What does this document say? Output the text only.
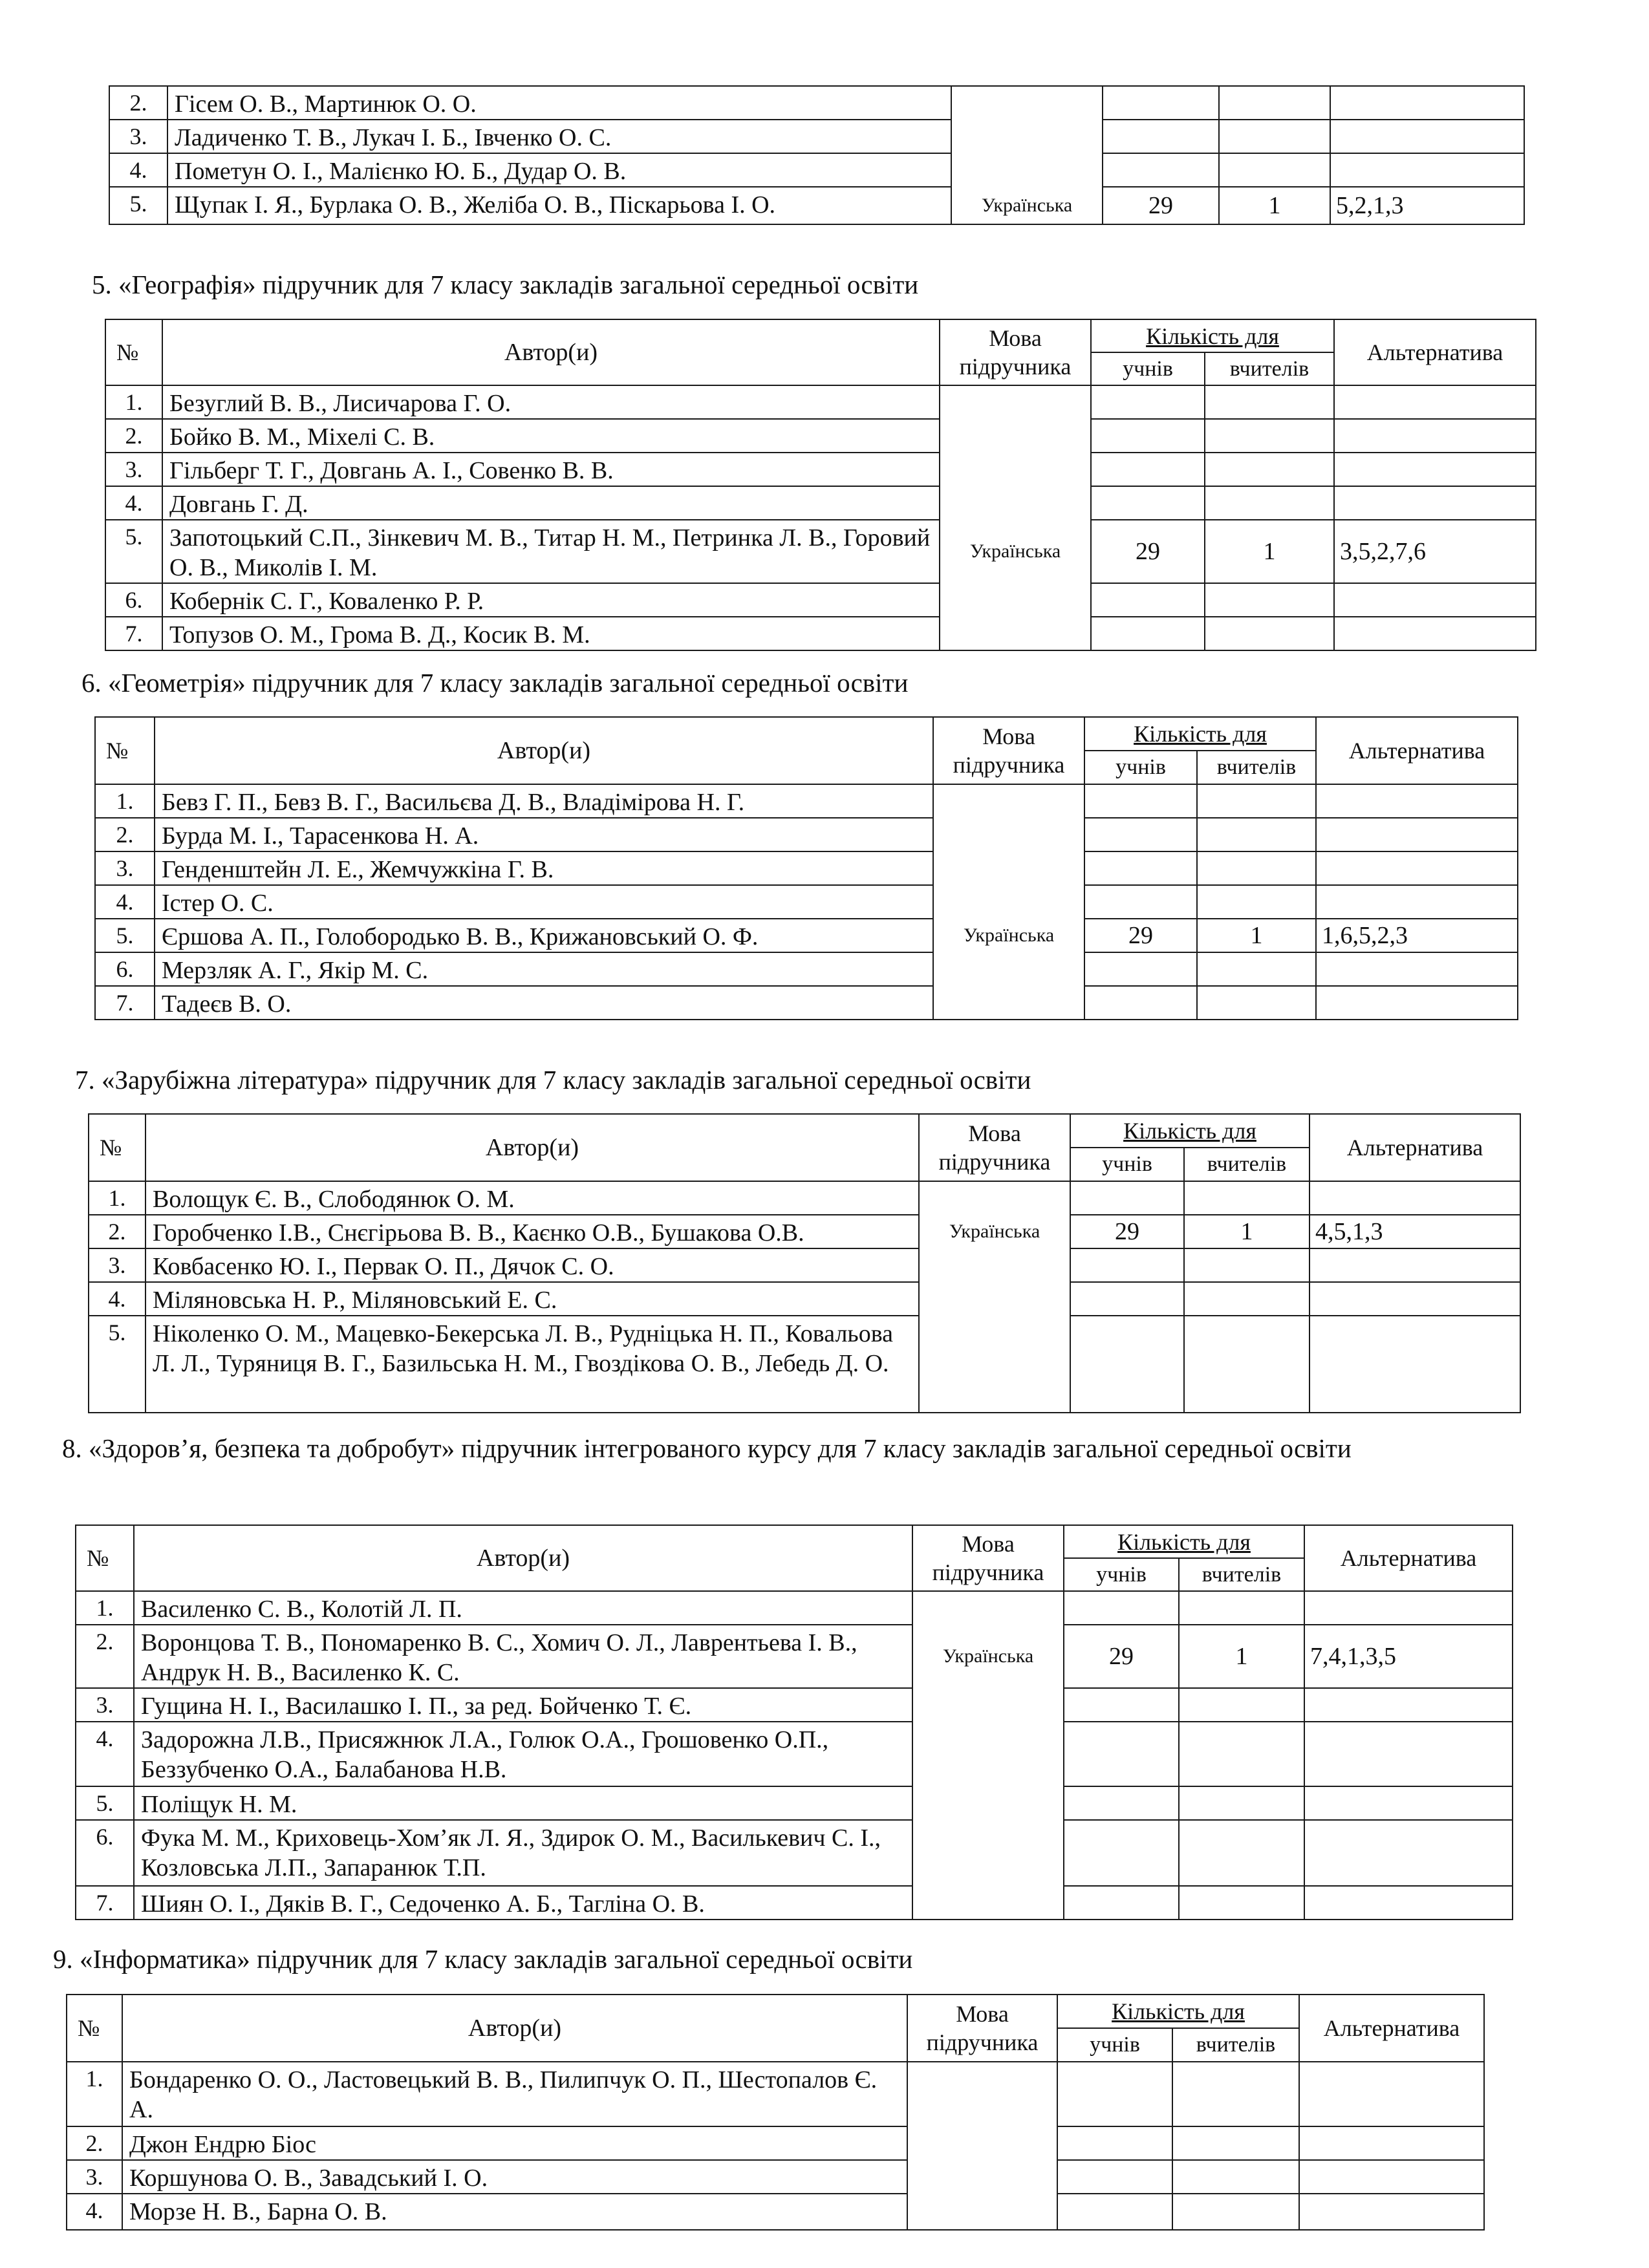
2.	Гісем О. В., Мартинюк О. О.				
3.	Ладиченко Т. В., Лукач І. Б., Івченко О. С.				
4.	Пометун О. І., Малієнко Ю. Б., Дудар О. В.				
5.	Щупак І. Я., Бурлака О. В., Желіба О. В., Піскарьова І. О.	Українська	29	1	5,2,1,3
5. «Географія» підручник для 7 класу закладів загальної середньої освіти
№	Автор(и)	Мова підручника	Кількість для		Альтернатива
			учнів	вчителів	
1.	Безуглий В. В., Лисичарова Г. О.				
2.	Бойко В. М., Міхелі С. В.				
3.	Гільберг Т. Г., Довгань А. І., Совенко В. В.				
4.	Довгань Г. Д.				
5.	Запотоцький С.П., Зінкевич М. В., Титар Н. М., Петринка Л. В., Горовий О. В., Миколів І. М.	Українська	29	1	3,5,2,7,6
6.	Кобернік С. Г., Коваленко Р. Р.				
7.	Топузов О. М., Грома В. Д., Косик В. М.				
6. «Геометрія» підручник для 7 класу закладів загальної середньої освіти
№	Автор(и)	Мова підручника	Кількість для		Альтернатива
			учнів	вчителів	
1.	Бевз Г. П., Бевз В. Г., Васильєва Д. В., Владімірова Н. Г.				
2.	Бурда М. І., Тарасенкова Н. А.				
3.	Генденштейн Л. Е., Жемчужкіна Г. В.				
4.	Істер О. С.				
5.	Єршова А. П., Голобородько В. В., Крижановський О. Ф.	Українська	29	1	1,6,5,2,3
6.	Мерзляк А. Г., Якір М. С.				
7.	Тадеєв В. О.				
7. «Зарубіжна література» підручник для 7 класу закладів загальної середньої освіти
№	Автор(и)	Мова підручника	Кількість для		Альтернатива
			учнів	вчителів	
1.	Волощук Є. В., Слободянюк О. М.				
2.	Горобченко І.В., Снєгірьова В. В., Каєнко О.В., Бушакова О.В.	Українська	29	1	4,5,1,3
3.	Ковбасенко Ю. І., Первак О. П., Дячок С. О.				
4.	Міляновська Н. Р., Міляновський Е. С.				
5.	Ніколенко О. М., Мацевко-Бекерська Л. В., Рудніцька Н. П., Ковальова Л. Л., Туряниця В. Г., Базильська Н. М., Гвоздікова О. В., Лебедь Д. О.				
8. «Здоров’я, безпека та добробут» підручник інтегрованого курсу для 7 класу закладів загальної середньої освіти
№	Автор(и)	Мова підручника	Кількість для		Альтернатива
			учнів	вчителів	
1.	Василенко С. В., Колотій Л. П.				
2.	Воронцова Т. В., Пономаренко В. С., Хомич О. Л., Лаврентьева І. В., Андрук Н. В., Василенко К. С.	Українська	29	1	7,4,1,3,5
3.	Гущина Н. І., Василашко І. П., за ред. Бойченко Т. Є.				
4.	Задорожна Л.В., Присяжнюк Л.А., Голюк О.А., Грошовенко О.П., Беззубченко О.А., Балабанова Н.В.				
5.	Поліщук Н. М.				
6.	Фука М. М., Криховець-Хом’як Л. Я., Здирок О. М., Василькевич С. І., Козловська Л.П., Запаранюк Т.П.				
7.	Шиян О. І., Дяків В. Г., Седоченко А. Б., Тагліна О. В.				
9. «Інформатика» підручник для 7 класу закладів загальної середньої освіти
№	Автор(и)	Мова підручника	Кількість для		Альтернатива
			учнів	вчителів	
1.	Бондаренко О. О., Ластовецький В. В., Пилипчук О. П., Шестопалов Є. А.				
2.	Джон Ендрю Біос				
3.	Коршунова О. В., Завадський І. О.				
4.	Морзе Н. В., Барна О. В.				
